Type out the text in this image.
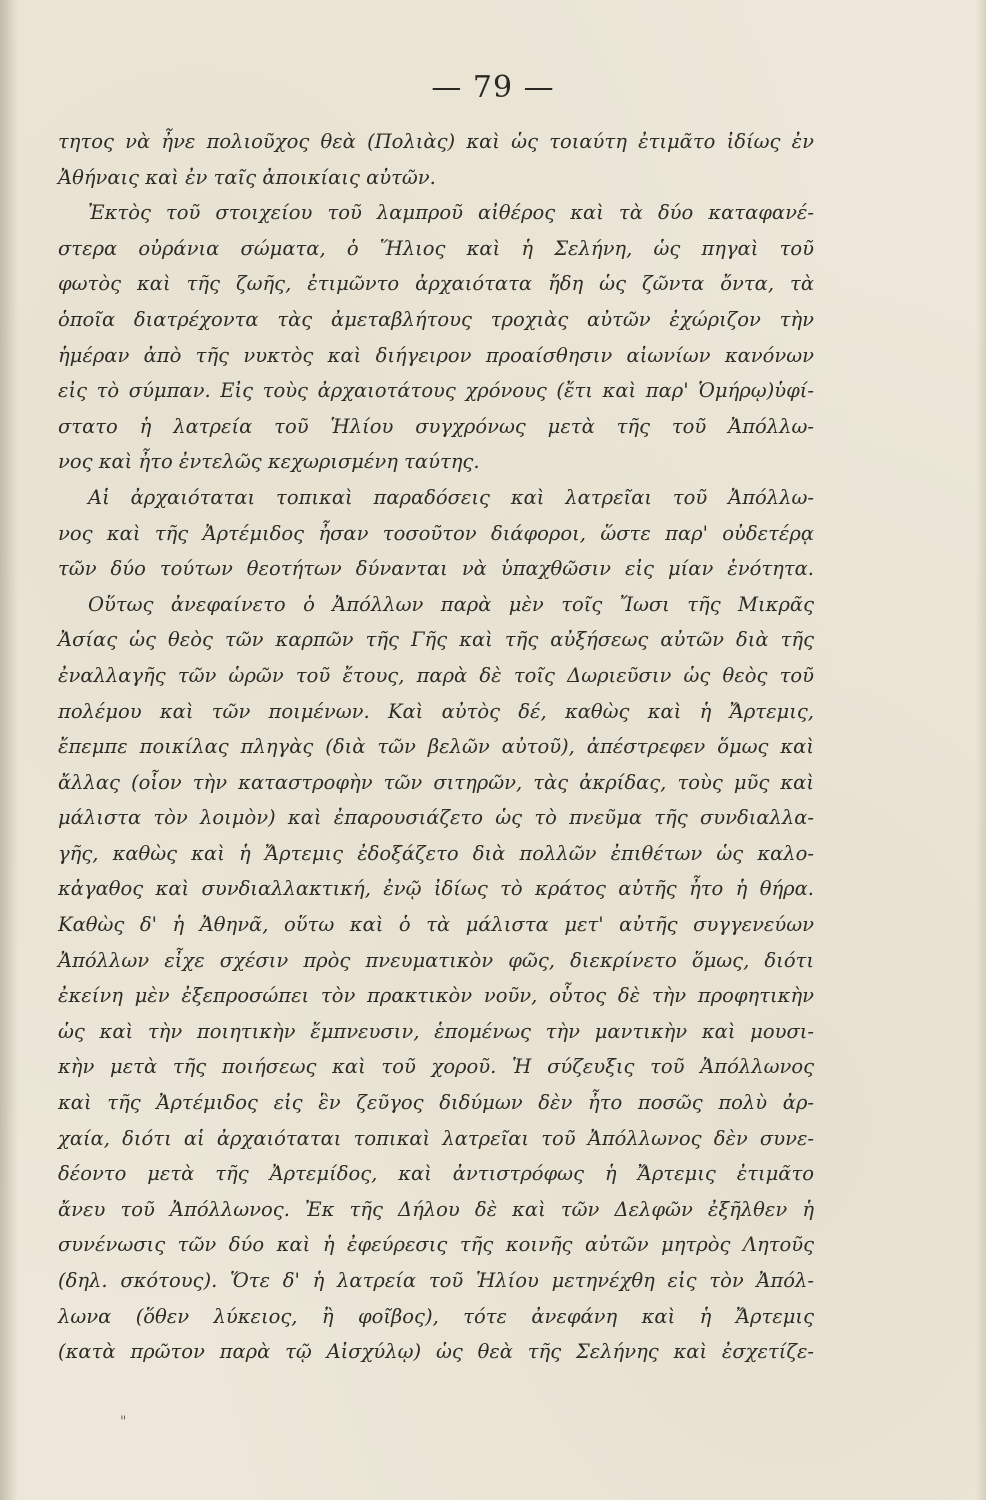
— 79 —
τητος νὰ ἦνε πολιοῦχος θεὰ (Πολιὰς) καὶ ὡς τοιαύτη ἐτιμᾶτο ἰδίως ἐν
Ἀθήναις καὶ ἐν ταῖς ἀποικίαις αὐτῶν.
Ἐκτὸς τοῦ στοιχείου τοῦ λαμπροῦ αἰθέρος καὶ τὰ δύο καταφανέ-
στερα οὐράνια σώματα, ὁ Ἥλιος καὶ ἡ Σελήνη, ὡς πηγαὶ τοῦ
φωτὸς καὶ τῆς ζωῆς, ἐτιμῶντο ἀρχαιότατα ἤδη ὡς ζῶντα ὄντα, τὰ
ὁποῖα διατρέχοντα τὰς ἀμεταβλήτους τροχιὰς αὐτῶν ἐχώριζον τὴν
ἡμέραν ἀπὸ τῆς νυκτὸς καὶ διήγειρον προαίσθησιν αἰωνίων κανόνων
εἰς τὸ σύμπαν. Εἰς τοὺς ἀρχαιοτάτους χρόνους (ἔτι καὶ παρ' Ὁμήρῳ)ὑφί-
στατο ἡ λατρεία τοῦ Ἡλίου συγχρόνως μετὰ τῆς τοῦ Ἀπόλλω-
νος καὶ ἦτο ἐντελῶς κεχωρισμένη ταύτης.
Αἱ ἀρχαιόταται τοπικαὶ παραδόσεις καὶ λατρεῖαι τοῦ Ἀπόλλω-
νος καὶ τῆς Ἀρτέμιδος ἦσαν τοσοῦτον διάφοροι, ὥστε παρ' οὐδετέρᾳ
τῶν δύο τούτων θεοτήτων δύνανται νὰ ὑπαχθῶσιν εἰς μίαν ἑνότητα.
Οὕτως ἀνεφαίνετο ὁ Ἀπόλλων παρὰ μὲν τοῖς Ἴωσι τῆς Μικρᾶς
Ἀσίας ὡς θεὸς τῶν καρπῶν τῆς Γῆς καὶ τῆς αὐξήσεως αὐτῶν διὰ τῆς
ἐναλλαγῆς τῶν ὡρῶν τοῦ ἔτους, παρὰ δὲ τοῖς Δωριεῦσιν ὡς θεὸς τοῦ
πολέμου καὶ τῶν ποιμένων. Καὶ αὐτὸς δέ, καθὼς καὶ ἡ Ἄρτεμις,
ἔπεμπε ποικίλας πληγὰς (διὰ τῶν βελῶν αὐτοῦ), ἀπέστρεφεν ὅμως καὶ
ἄλλας (οἷον τὴν καταστροφὴν τῶν σιτηρῶν, τὰς ἀκρίδας, τοὺς μῦς καὶ
μάλιστα τὸν λοιμὸν) καὶ ἐπαρουσιάζετο ὡς τὸ πνεῦμα τῆς συνδιαλλα-
γῆς, καθὼς καὶ ἡ Ἄρτεμις ἐδοξάζετο διὰ πολλῶν ἐπιθέτων ὡς καλο-
κἀγαθος καὶ συνδιαλλακτική, ἐνῷ ἰδίως τὸ κράτος αὐτῆς ἦτο ἡ θήρα.
Καθὼς δ' ἡ Ἀθηνᾶ, οὕτω καὶ ὁ τὰ μάλιστα μετ' αὐτῆς συγγενεύων
Ἀπόλλων εἶχε σχέσιν πρὸς πνευματικὸν φῶς, διεκρίνετο ὅμως, διότι
ἐκείνη μὲν ἐξεπροσώπει τὸν πρακτικὸν νοῦν, οὗτος δὲ τὴν προφητικὴν
ὡς καὶ τὴν ποιητικὴν ἔμπνευσιν, ἑπομένως τὴν μαντικὴν καὶ μουσι-
κὴν μετὰ τῆς ποιήσεως καὶ τοῦ χοροῦ. Ἡ σύζευξις τοῦ Ἀπόλλωνος
καὶ τῆς Ἀρτέμιδος εἰς ἓν ζεῦγος διδύμων δὲν ἦτο ποσῶς πολὺ ἀρ-
χαία, διότι αἱ ἀρχαιόταται τοπικαὶ λατρεῖαι τοῦ Ἀπόλλωνος δὲν συνε-
δέοντο μετὰ τῆς Ἀρτεμίδος, καὶ ἀντιστρόφως ἡ Ἄρτεμις ἐτιμᾶτο
ἄνευ τοῦ Ἀπόλλωνος. Ἐκ τῆς Δήλου δὲ καὶ τῶν Δελφῶν ἐξῆλθεν ἡ
συνένωσις τῶν δύο καὶ ἡ ἐφεύρεσις τῆς κοινῆς αὐτῶν μητρὸς Λητοῦς
(δηλ. σκότους). Ὅτε δ' ἡ λατρεία τοῦ Ἡλίου μετηνέχθη εἰς τὸν Ἀπόλ-
λωνα (ὅθεν λύκειος, ἢ φοῖβος), τότε ἀνεφάνη καὶ ἡ Ἄρτεμις
(κατὰ πρῶτον παρὰ τῷ Αἰσχύλῳ) ὡς θεὰ τῆς Σελήνης καὶ ἐσχετίζε-
"
